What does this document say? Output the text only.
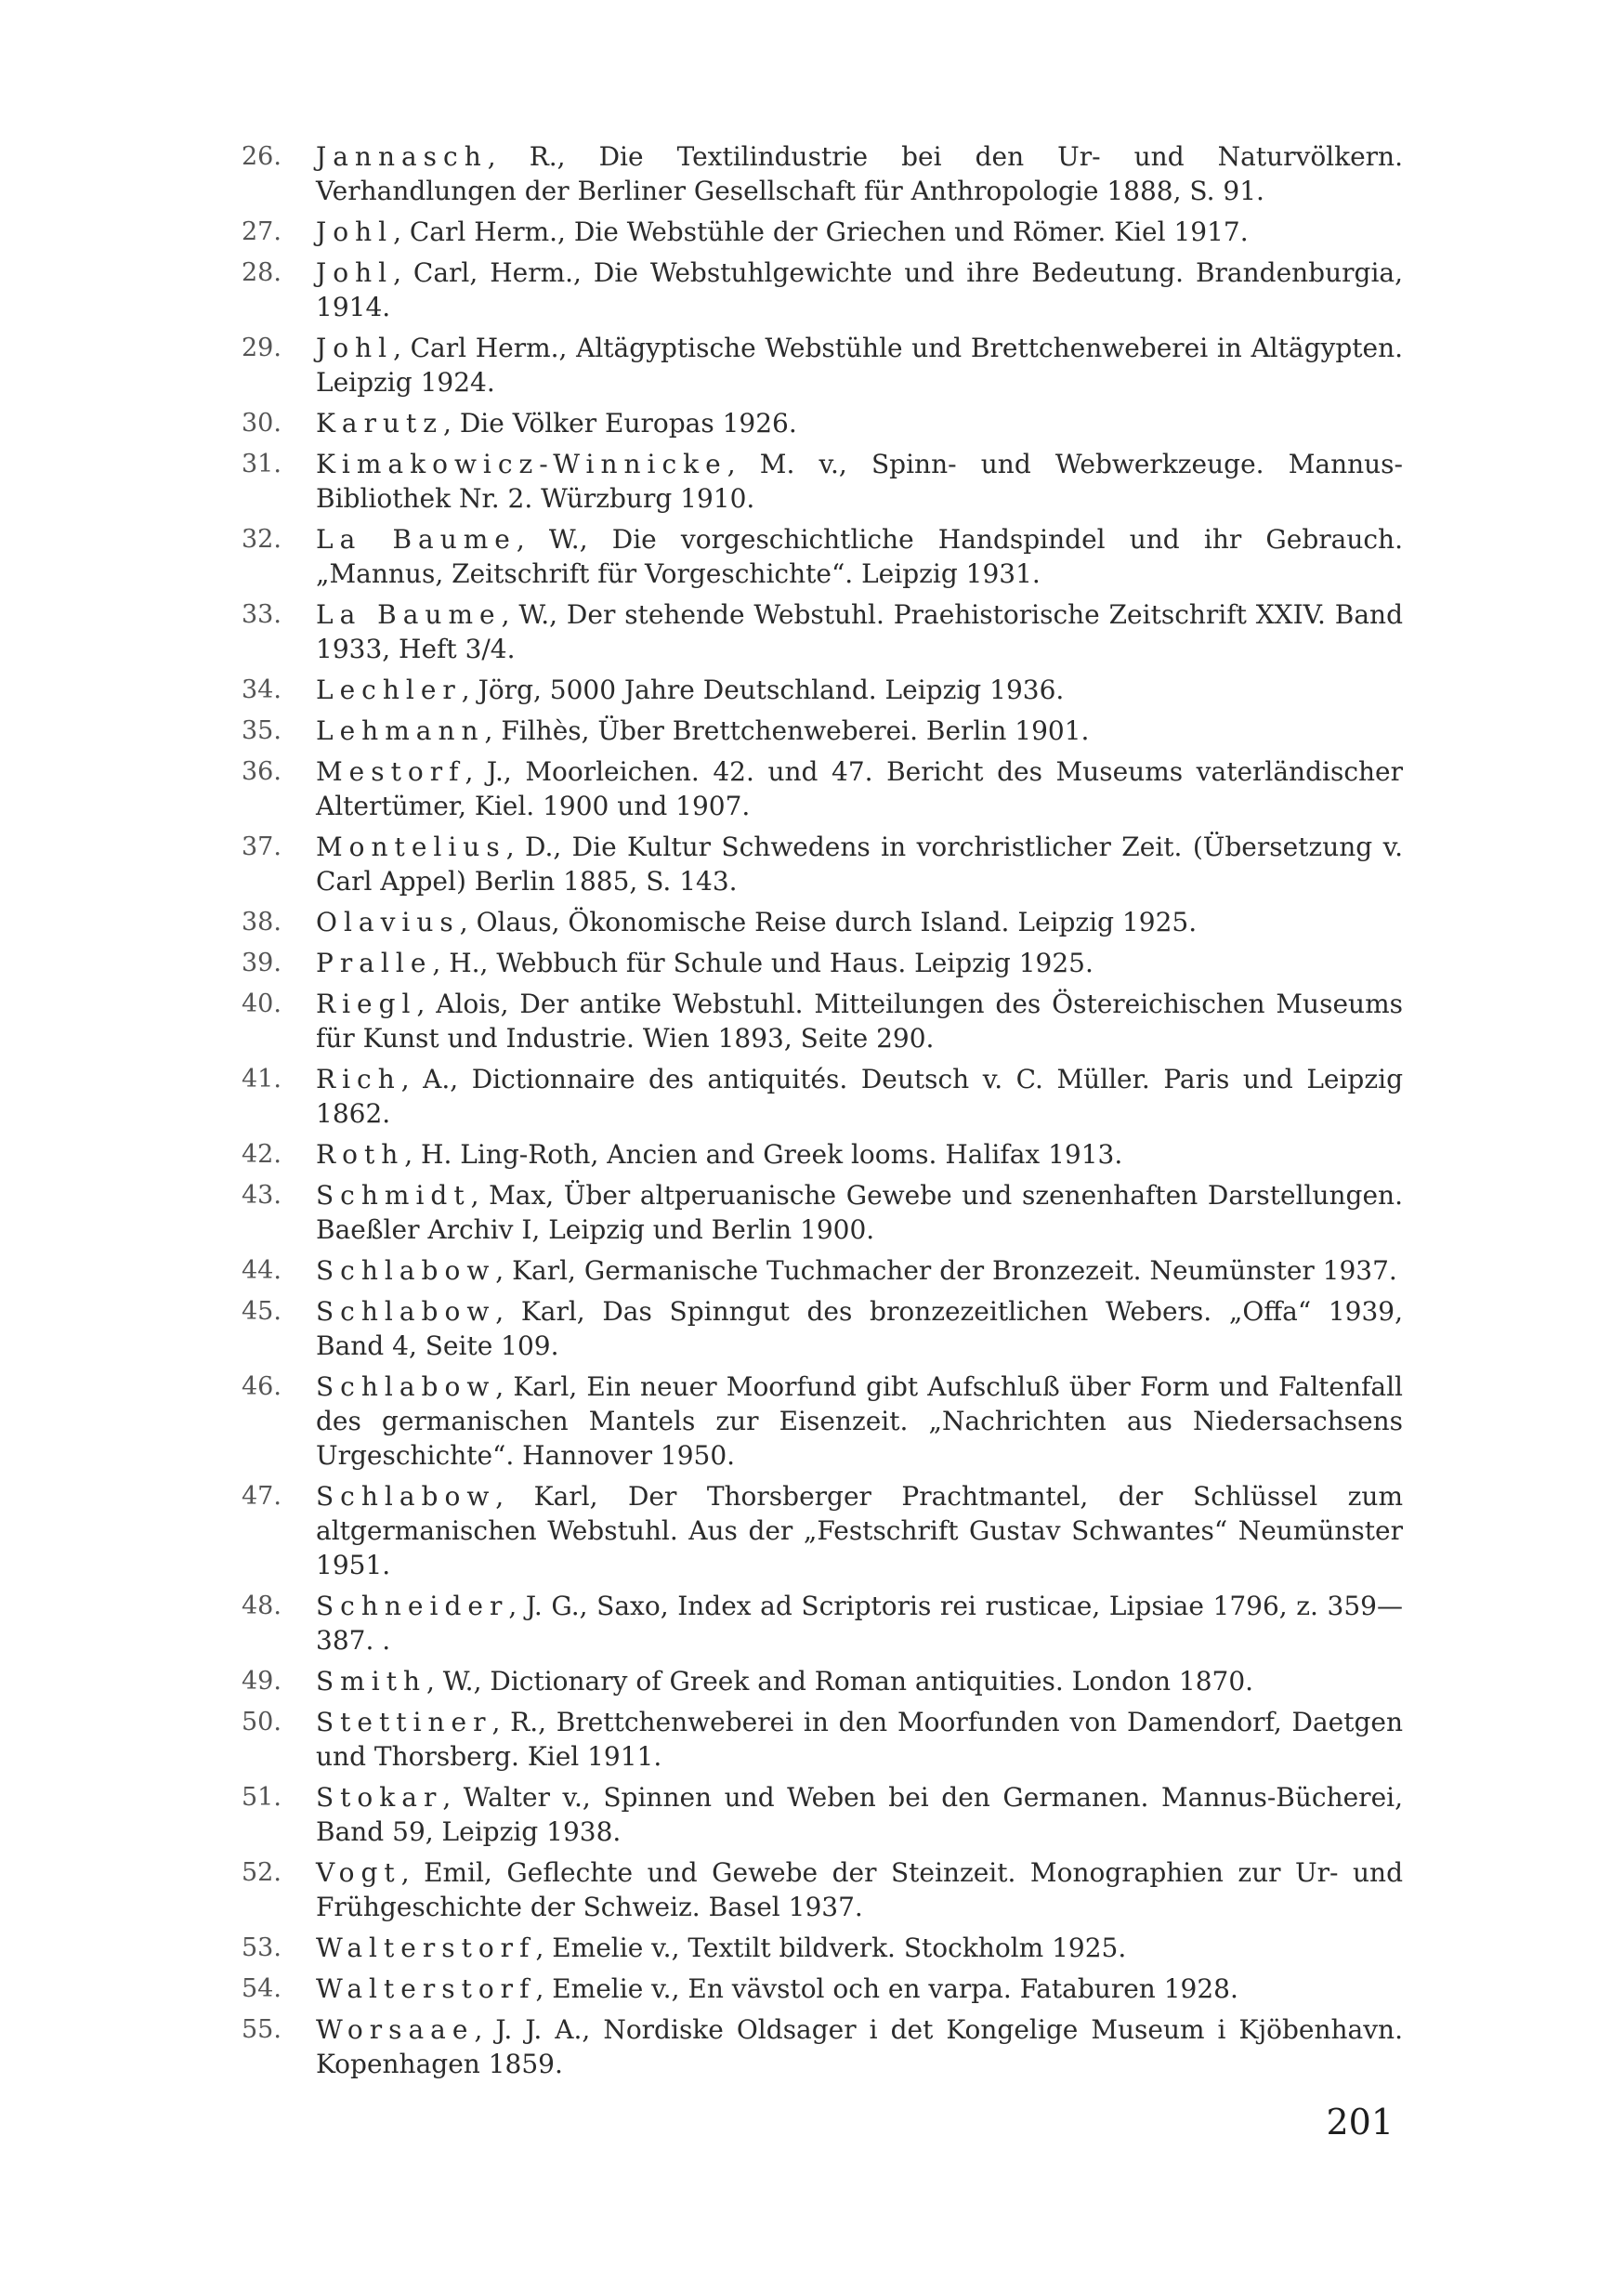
26.	Jannasch, R., Die Textilindustrie bei den Ur- und Naturvölkern. Verhandlungen der Berliner Gesellschaft für Anthropologie 1888, S. 91.
27.	Johl, Carl Herm., Die Webstühle der Griechen und Römer. Kiel 1917.
28.	Johl, Carl, Herm., Die Webstuhlgewichte und ihre Bedeutung. Brandenburgia, 1914.
29.	Johl, Carl Herm., Altägyptische Webstühle und Brettchenweberei in Altägypten. Leipzig 1924.
30.	Karutz, Die Völker Europas 1926.
31.	Kimakowicz-Winnicke, M. v., Spinn- und Webwerkzeuge. Mannus-Bibliothek Nr. 2. Würzburg 1910.
32.	La Baume, W., Die vorgeschichtliche Handspindel und ihr Gebrauch. „Mannus, Zeitschrift für Vorgeschichte“. Leipzig 1931.
33.	La Baume, W., Der stehende Webstuhl. Praehistorische Zeitschrift XXIV. Band 1933, Heft 3/4.
34.	Lechler, Jörg, 5000 Jahre Deutschland. Leipzig 1936.
35.	Lehmann, Filhès, Über Brettchenweberei. Berlin 1901.
36.	Mestorf, J., Moorleichen. 42. und 47. Bericht des Museums vaterländischer Altertümer, Kiel. 1900 und 1907.
37.	Montelius, D., Die Kultur Schwedens in vorchristlicher Zeit. (Übersetzung v. Carl Appel) Berlin 1885, S. 143.
38.	Olavius, Olaus, Ökonomische Reise durch Island. Leipzig 1925.
39.	Pralle, H., Webbuch für Schule und Haus. Leipzig 1925.
40.	Riegl, Alois, Der antike Webstuhl. Mitteilungen des Östereichischen Museums für Kunst und Industrie. Wien 1893, Seite 290.
41.	Rich, A., Dictionnaire des antiquités. Deutsch v. C. Müller. Paris und Leipzig 1862.
42.	Roth, H. Ling-Roth, Ancien and Greek looms. Halifax 1913.
43.	Schmidt, Max, Über altperuanische Gewebe und szenenhaften Darstellungen. Baeßler Archiv I, Leipzig und Berlin 1900.
44.	Schlabow, Karl, Germanische Tuchmacher der Bronzezeit. Neumünster 1937.
45.	Schlabow, Karl, Das Spinngut des bronzezeitlichen Webers. „Offa“ 1939, Band 4, Seite 109.
46.	Schlabow, Karl, Ein neuer Moorfund gibt Aufschluß über Form und Faltenfall des germanischen Mantels zur Eisenzeit. „Nachrichten aus Niedersachsens Urgeschichte“. Hannover 1950.
47.	Schlabow, Karl, Der Thorsberger Prachtmantel, der Schlüssel zum altgermanischen Webstuhl. Aus der „Festschrift Gustav Schwantes“ Neumünster 1951.
48.	Schneider, J. G., Saxo, Index ad Scriptoris rei rusticae, Lipsiae 1796, z. 359—387. .
49.	Smith, W., Dictionary of Greek and Roman antiquities. London 1870.
50.	Stettiner, R., Brettchenweberei in den Moorfunden von Damendorf, Daetgen und Thorsberg. Kiel 1911.
51.	Stokar, Walter v., Spinnen und Weben bei den Germanen. Mannus-Bücherei, Band 59, Leipzig 1938.
52.	Vogt, Emil, Geflechte und Gewebe der Steinzeit. Monographien zur Ur- und Frühgeschichte der Schweiz. Basel 1937.
53.	Walterstorf, Emelie v., Textilt bildverk. Stockholm 1925.
54.	Walterstorf, Emelie v., En vävstol och en varpa. Fataburen 1928.
55.	Worsaae, J. J. A., Nordiske Oldsager i det Kongelige Museum i Kjöbenhavn. Kopenhagen 1859.
201
